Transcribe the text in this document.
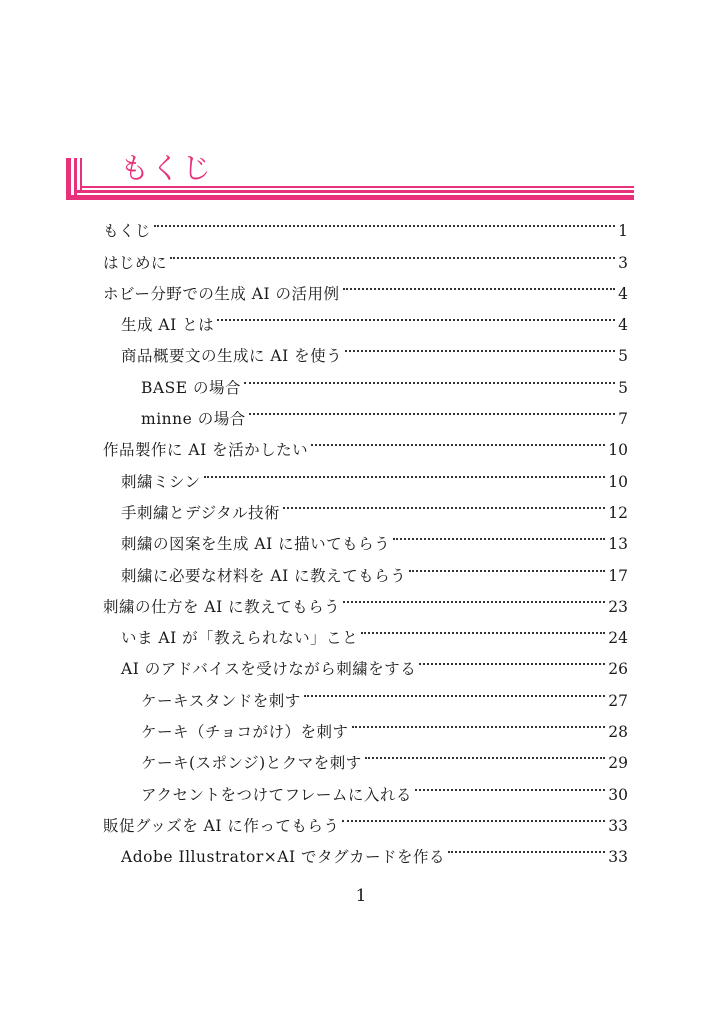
もくじ
もくじ	1
はじめに	3
ホビー分野での生成 AI の活用例	4
生成 AI とは	4
商品概要文の生成に AI を使う	5
BASE の場合	5
minne の場合	7
作品製作に AI を活かしたい	10
刺繍ミシン	10
手刺繍とデジタル技術	12
刺繍の図案を生成 AI に描いてもらう	13
刺繍に必要な材料を AI に教えてもらう	17
刺繍の仕方を AI に教えてもらう	23
いま AI が「教えられない」こと	24
AI のアドバイスを受けながら刺繍をする	26
ケーキスタンドを刺す	27
ケーキ（チョコがけ）を刺す	28
ケーキ(スポンジ)とクマを刺す	29
アクセントをつけてフレームに入れる	30
販促グッズを AI に作ってもらう	33
Adobe Illustrator×AI でタグカードを作る	33
1
